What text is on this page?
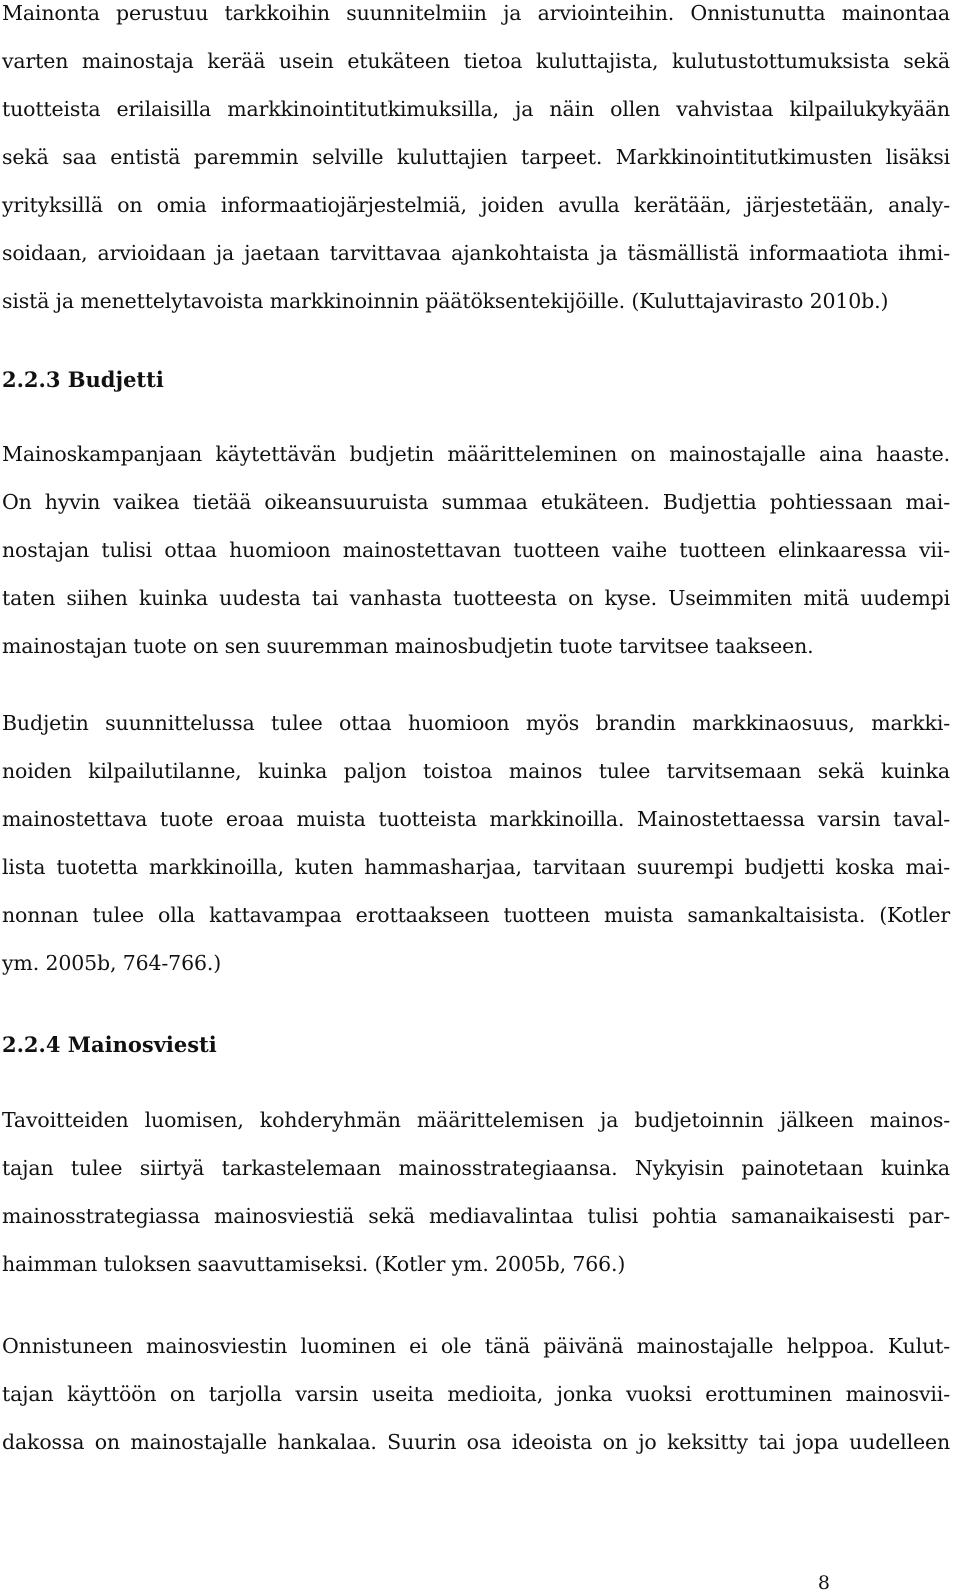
Mainonta perustuu tarkkoihin suunnitelmiin ja arviointeihin. Onnistunutta mainontaa
varten mainostaja kerää usein etukäteen tietoa kuluttajista, kulutustottumuksista sekä
tuotteista erilaisilla markkinointitutkimuksilla, ja näin ollen vahvistaa kilpailukykyään
sekä saa entistä paremmin selville kuluttajien tarpeet. Markkinointitutkimusten lisäksi
yrityksillä on omia informaatiojärjestelmiä, joiden avulla kerätään, järjestetään, analy-
soidaan, arvioidaan ja jaetaan tarvittavaa ajankohtaista ja täsmällistä informaatiota ihmi-
sistä ja menettelytavoista markkinoinnin päätöksentekijöille. (Kuluttajavirasto 2010b.)
2.2.3 Budjetti
Mainoskampanjaan käytettävän budjetin määritteleminen on mainostajalle aina haaste.
On hyvin vaikea tietää oikeansuuruista summaa etukäteen. Budjettia pohtiessaan mai-
nostajan tulisi ottaa huomioon mainostettavan tuotteen vaihe tuotteen elinkaaressa vii-
taten siihen kuinka uudesta tai vanhasta tuotteesta on kyse. Useimmiten mitä uudempi
mainostajan tuote on sen suuremman mainosbudjetin tuote tarvitsee taakseen.
Budjetin suunnittelussa tulee ottaa huomioon myös brandin markkinaosuus, markki-
noiden kilpailutilanne, kuinka paljon toistoa mainos tulee tarvitsemaan sekä kuinka
mainostettava tuote eroaa muista tuotteista markkinoilla. Mainostettaessa varsin taval-
lista tuotetta markkinoilla, kuten hammasharjaa, tarvitaan suurempi budjetti koska mai-
nonnan tulee olla kattavampaa erottaakseen tuotteen muista samankaltaisista. (Kotler
ym. 2005b, 764-766.)
2.2.4 Mainosviesti
Tavoitteiden luomisen, kohderyhmän määrittelemisen ja budjetoinnin jälkeen mainos-
tajan tulee siirtyä tarkastelemaan mainosstrategiaansa. Nykyisin painotetaan kuinka
mainosstrategiassa mainosviestiä sekä mediavalintaa tulisi pohtia samanaikaisesti par-
haimman tuloksen saavuttamiseksi. (Kotler ym. 2005b, 766.)
Onnistuneen mainosviestin luominen ei ole tänä päivänä mainostajalle helppoa. Kulut-
tajan käyttöön on tarjolla varsin useita medioita, jonka vuoksi erottuminen mainosvii-
dakossa on mainostajalle hankalaa. Suurin osa ideoista on jo keksitty tai jopa uudelleen
8
